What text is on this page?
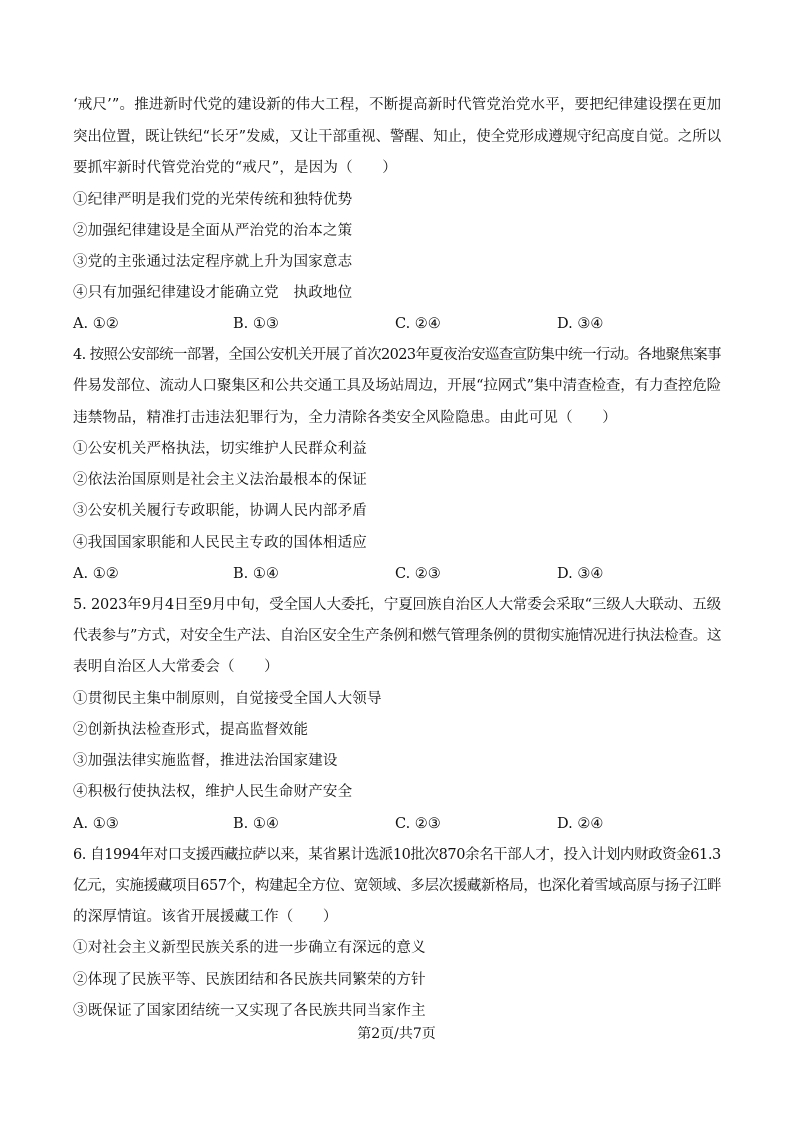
‘戒尺’”。推进新时代党的建设新的伟大工程，不断提高新时代管党治党水平，要把纪律建设摆在更加
突出位置，既让铁纪“长牙”发威，又让干部重视、警醒、知止，使全党形成遵规守纪高度自觉。之所以
要抓牢新时代管党治党的“戒尺”，是因为（　　）
①纪律严明是我们党的光荣传统和独特优势
②加强纪律建设是全面从严治党的治本之策
③党的主张通过法定程序就上升为国家意志
④只有加强纪律建设才能确立党　执政地位
A. ①②	B. ①③	C. ②④	D. ③④
4. 按照公安部统一部署，全国公安机关开展了首次2023年夏夜治安巡查宣防集中统一行动。各地聚焦案事
件易发部位、流动人口聚集区和公共交通工具及场站周边，开展“拉网式”集中清查检查，有力查控危险
违禁物品，精准打击违法犯罪行为，全力清除各类安全风险隐患。由此可见（　　）
①公安机关严格执法，切实维护人民群众利益
②依法治国原则是社会主义法治最根本的保证
③公安机关履行专政职能，协调人民内部矛盾
④我国国家职能和人民民主专政的国体相适应
A. ①②	B. ①④	C. ②③	D. ③④
5. 2023年9月4日至9月中旬，受全国人大委托，宁夏回族自治区人大常委会采取“三级人大联动、五级
代表参与”方式，对安全生产法、自治区安全生产条例和燃气管理条例的贯彻实施情况进行执法检查。这
表明自治区人大常委会（　　）
①贯彻民主集中制原则，自觉接受全国人大领导
②创新执法检查形式，提高监督效能
③加强法律实施监督，推进法治国家建设
④积极行使执法权，维护人民生命财产安全
A. ①③	B. ①④	C. ②③	D. ②④
6. 自1994年对口支援西藏拉萨以来，某省累计选派10批次870余名干部人才，投入计划内财政资金61.3
亿元，实施援藏项目657个，构建起全方位、宽领域、多层次援藏新格局，也深化着雪域高原与扬子江畔
的深厚情谊。该省开展援藏工作（　　）
①对社会主义新型民族关系的进一步确立有深远的意义
②体现了民族平等、民族团结和各民族共同繁荣的方针
③既保证了国家团结统一又实现了各民族共同当家作主
第2页/共7页
